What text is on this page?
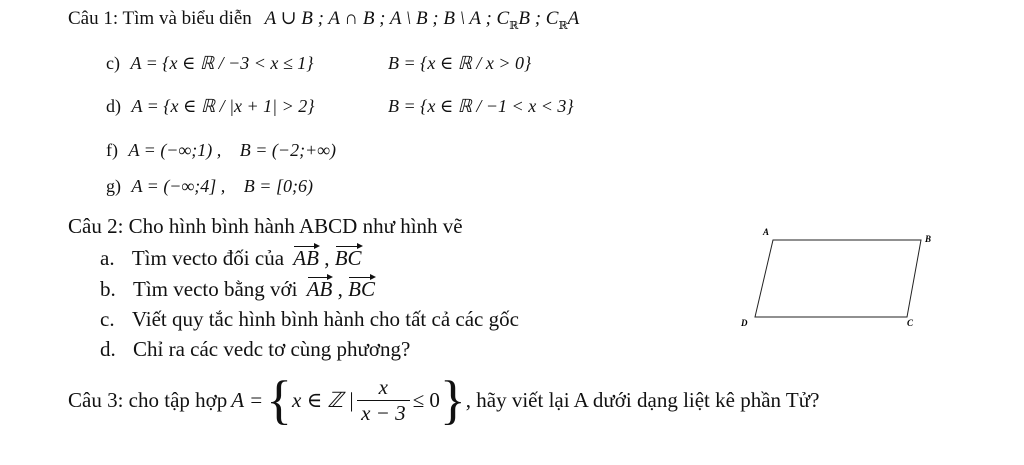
Câu 1: Tìm và biểu diễn A ∪ B ; A ∩ B ; A \ B ; B \ A ; $C_ℝB$ ; $C_ℝA$
c) A = {x ∈ ℝ / −3 < x ≤ 1}	B = {x ∈ ℝ / x > 0}
d) A = {x ∈ ℝ / |x + 1| > 2}	B = {x ∈ ℝ / −1 < x < 3}
f) A = (−∞;1) , B = (−2;+∞)
g) A = (−∞;4] , B = [0;6)
Câu 2: Cho hình bình hành ABCD như hình vẽ
a. Tìm vecto đối của AB , BC
b. Tìm vecto bằng với AB , BC
c. Viết quy tắc hình bình hành cho tất cả các gốc
d. Chỉ ra các vedc tơ cùng phương?
A
B
C
D
Câu 3: cho tập hợp A = { x ∈ ℤ | $\frac{x}{x - 3} \le 0$ } , hãy viết lại A dưới dạng liệt kê phần Tử?
